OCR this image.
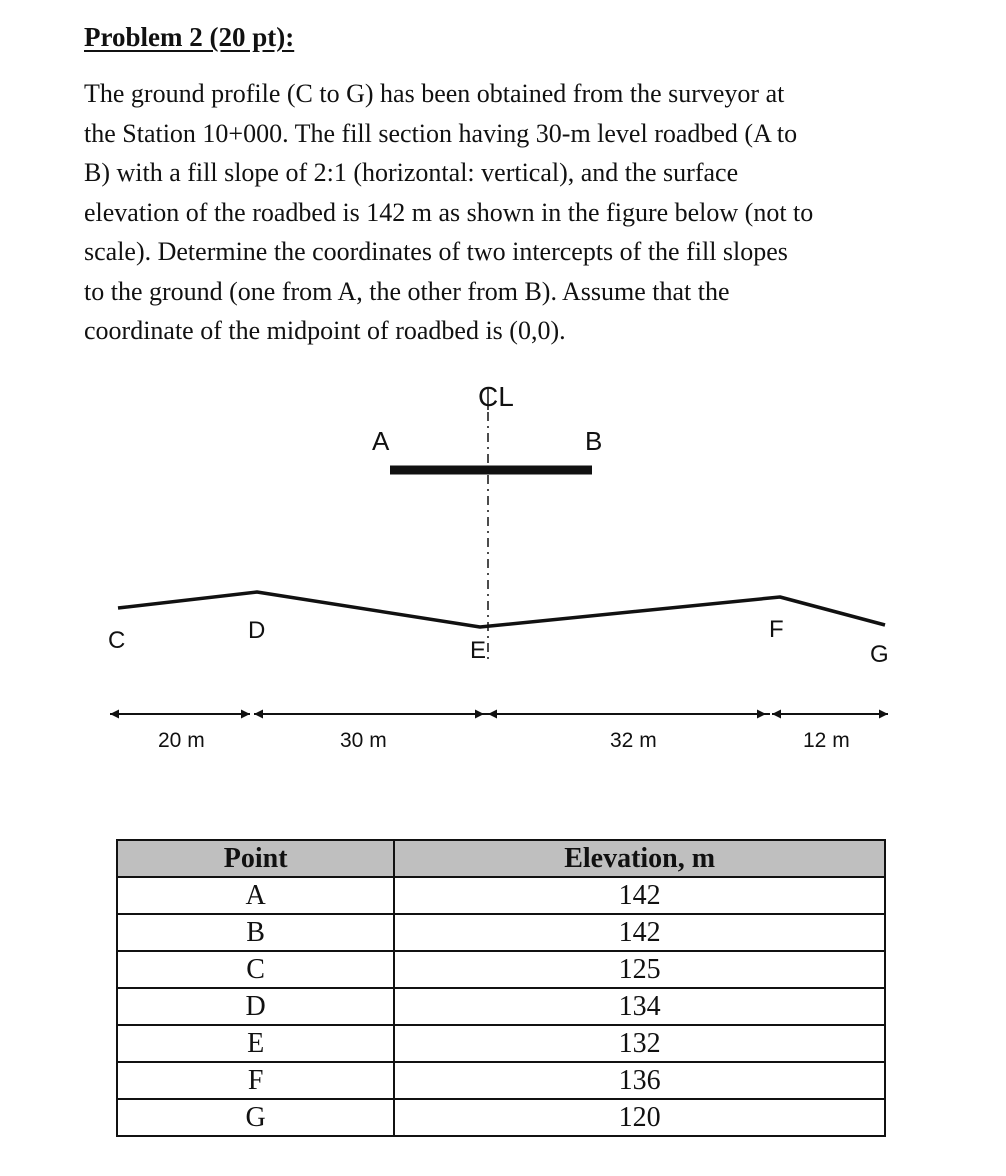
Problem 2 (20 pt):
The ground profile (C to G) has been obtained from the surveyor at
the Station 10+000. The fill section having 30-m level roadbed (A to
B) with a fill slope of 2:1 (horizontal: vertical), and the surface
elevation of the roadbed is 142 m as shown in the figure below (not to
scale). Determine the coordinates of two intercepts of the fill slopes
to the ground (one from A, the other from B). Assume that the
coordinate of the midpoint of roadbed is (0,0).
CL
A	B
C	D
E
F
G
20 m	30 m	32 m	12 m
Point	Elevation, m
A	142
B	142
C	125
D	134
E	132
F	136
G	120
